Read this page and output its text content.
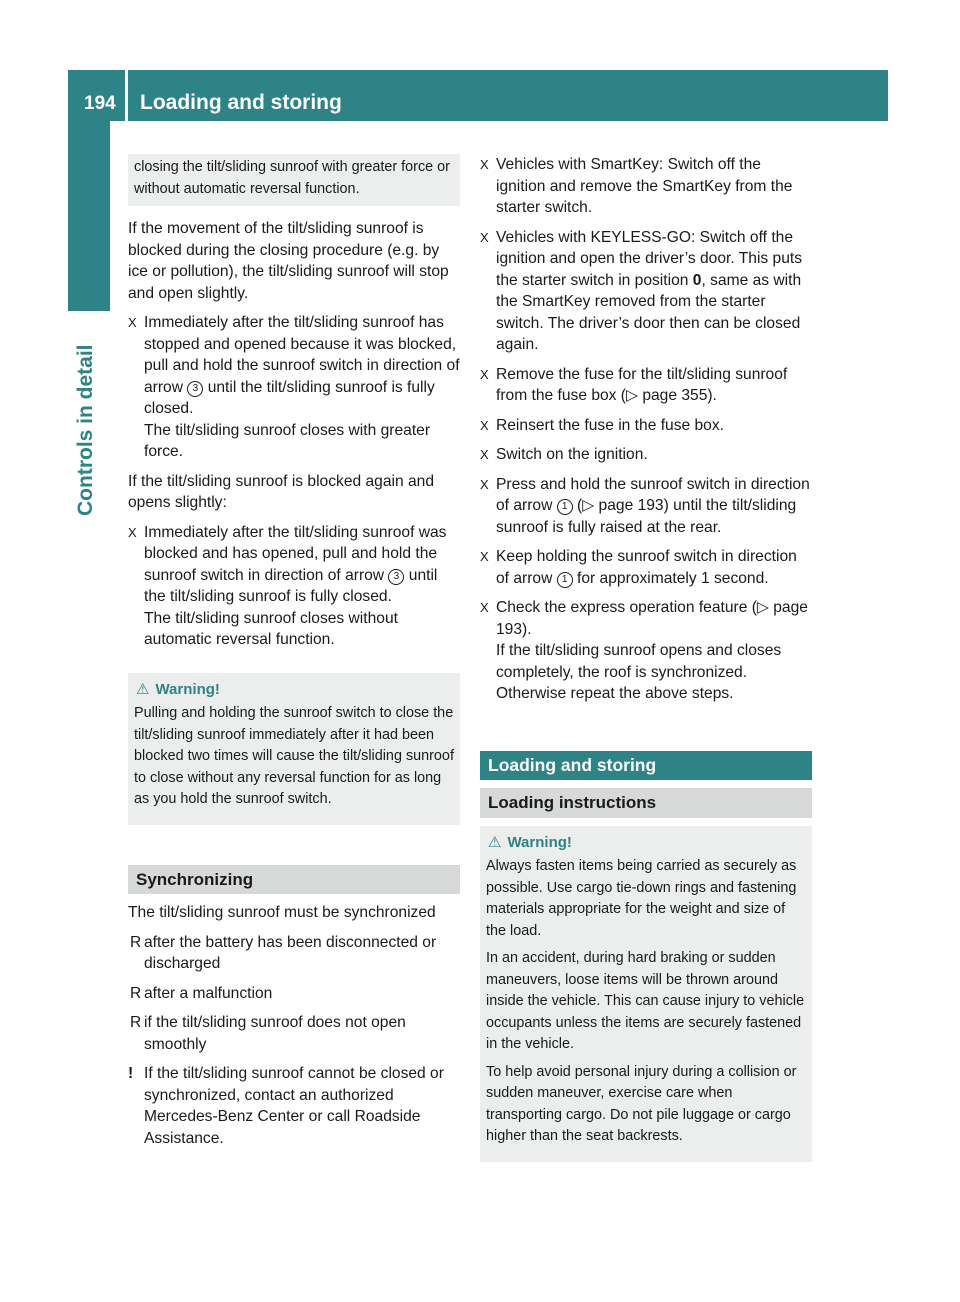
194 Loading and storing
Controls in detail
closing the tilt/sliding sunroof with greater force or without automatic reversal function.

If the movement of the tilt/sliding sunroof is blocked during the closing procedure (e.g. by ice or pollution), the tilt/sliding sunroof will stop and open slightly.

X Immediately after the tilt/sliding sunroof has stopped and opened because it was blocked, pull and hold the sunroof switch in direction of arrow 3 until the tilt/sliding sunroof is fully closed.
The tilt/sliding sunroof closes with greater force.

If the tilt/sliding sunroof is blocked again and opens slightly:

X Immediately after the tilt/sliding sunroof was blocked and has opened, pull and hold the sunroof switch in direction of arrow 3 until the tilt/sliding sunroof is fully closed.
The tilt/sliding sunroof closes without automatic reversal function.
⚠ Warning!

Pulling and holding the sunroof switch to close the tilt/sliding sunroof immediately after it had been blocked two times will cause the tilt/sliding sunroof to close without any reversal function for as long as you hold the sunroof switch.

Synchronizing

The tilt/sliding sunroof must be synchronized

R after the battery has been disconnected or discharged
R after a malfunction
R if the tilt/sliding sunroof does not open smoothly
! If the tilt/sliding sunroof cannot be closed or synchronized, contact an authorized Mercedes-Benz Center or call Roadside Assistance.
X Vehicles with SmartKey: Switch off the ignition and remove the SmartKey from the starter switch.
X Vehicles with KEYLESS-GO: Switch off the ignition and open the driver’s door. This puts the starter switch in position 0, same as with the SmartKey removed from the starter switch. The driver’s door then can be closed again.
X Remove the fuse for the tilt/sliding sunroof from the fuse box (▷ page 355).
X Reinsert the fuse in the fuse box.
X Switch on the ignition.
X Press and hold the sunroof switch in direction of arrow 1 (▷ page 193) until the tilt/sliding sunroof is fully raised at the rear.
X Keep holding the sunroof switch in direction of arrow 1 for approximately 1 second.
X Check the express operation feature (▷ page 193).
If the tilt/sliding sunroof opens and closes completely, the roof is synchronized. Otherwise repeat the above steps.
Loading and storing
Loading instructions
⚠ Warning!

Always fasten items being carried as securely as possible. Use cargo tie-down rings and fastening materials appropriate for the weight and size of the load.

In an accident, during hard braking or sudden maneuvers, loose items will be thrown around inside the vehicle. This can cause injury to vehicle occupants unless the items are securely fastened in the vehicle.

To help avoid personal injury during a collision or sudden maneuver, exercise care when transporting cargo. Do not pile luggage or cargo higher than the seat backrests.
